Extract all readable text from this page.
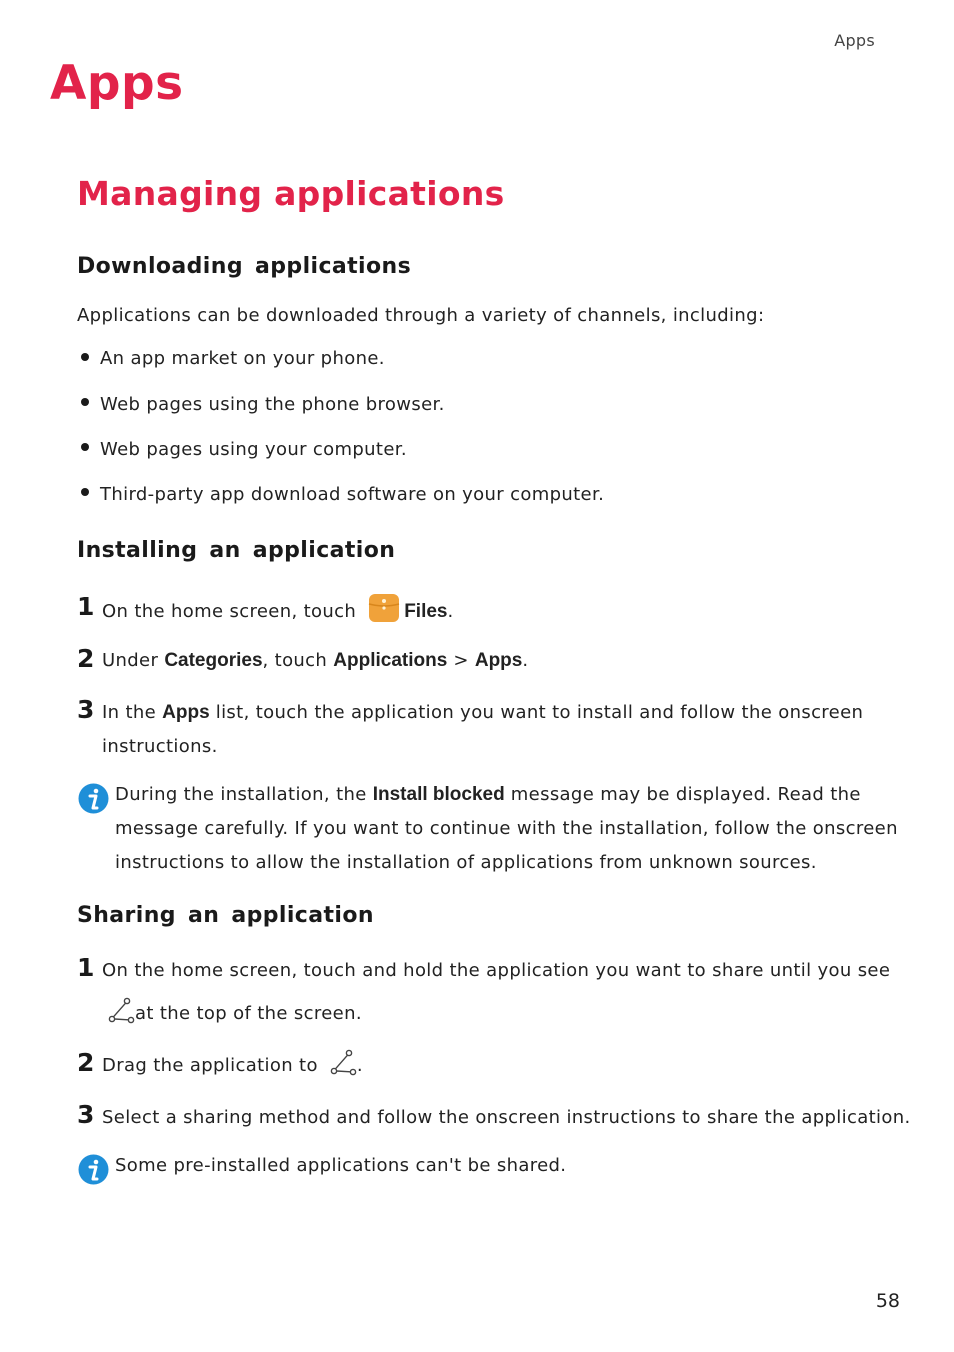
Apps
Apps
Managing applications
Downloading applications
Applications can be downloaded through a variety of channels, including:
An app market on your phone.
Web pages using the phone browser.
Web pages using your computer.
Third-party app download software on your computer.
Installing an application
1 On the home screen, touch	Files.
2 Under Categories, touch Applications > Apps.
3 In the Apps list, touch the application you want to install and follow the onscreen
instructions.
During the installation, the Install blocked message may be displayed. Read the
message carefully. If you want to continue with the installation, follow the onscreen
instructions to allow the installation of applications from unknown sources.
Sharing an application
1 On the home screen, touch and hold the application you want to share until you see
at the top of the screen.
2 Drag the application to .
3 Select a sharing method and follow the onscreen instructions to share the application.
Some pre-installed applications can't be shared.
58
